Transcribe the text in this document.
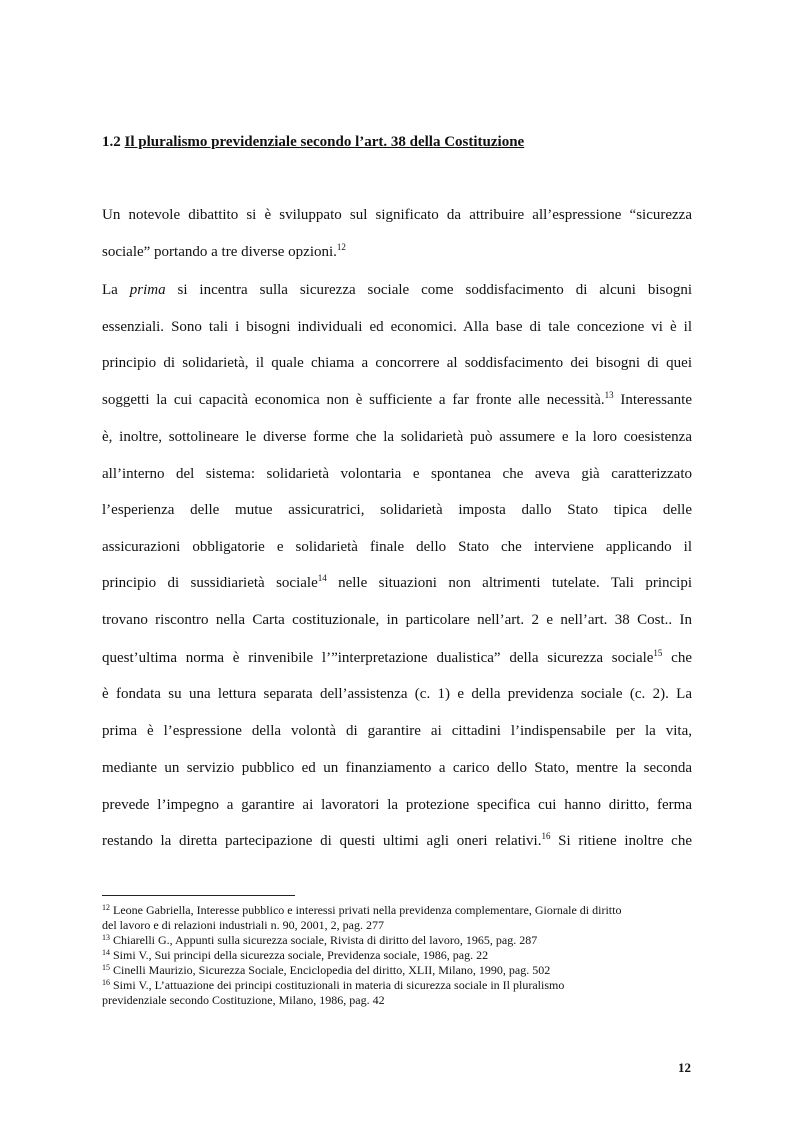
1.2 Il pluralismo previdenziale secondo l’art. 38 della Costituzione
Un notevole dibattito si è sviluppato sul significato da attribuire all’espressione “sicurezza
sociale” portando a tre diverse opzioni.$^{12}$
La prima si incentra sulla sicurezza sociale come soddisfacimento di alcuni bisogni
essenziali. Sono tali i bisogni individuali ed economici. Alla base di tale concezione vi è il
principio di solidarietà, il quale chiama a concorrere al soddisfacimento dei bisogni di quei
soggetti la cui capacità economica non è sufficiente a far fronte alle necessità.$^{13}$ Interessante
è, inoltre, sottolineare le diverse forme che la solidarietà può assumere e la loro coesistenza
all’interno del sistema: solidarietà volontaria e spontanea che aveva già caratterizzato
l’esperienza delle mutue assicuratrici, solidarietà imposta dallo Stato tipica delle
assicurazioni obbligatorie e solidarietà finale dello Stato che interviene applicando il
principio di sussidiarietà sociale$^{14}$ nelle situazioni non altrimenti tutelate. Tali principi
trovano riscontro nella Carta costituzionale, in particolare nell’art. 2 e nell’art. 38 Cost.. In
quest’ultima norma è rinvenibile l’”interpretazione dualistica” della sicurezza sociale$^{15}$ che
è fondata su una lettura separata dell’assistenza (c. 1) e della previdenza sociale (c. 2). La
prima è l’espressione della volontà di garantire ai cittadini l’indispensabile per la vita,
mediante un servizio pubblico ed un finanziamento a carico dello Stato, mentre la seconda
prevede l’impegno a garantire ai lavoratori la protezione specifica cui hanno diritto, ferma
restando la diretta partecipazione di questi ultimi agli oneri relativi.$^{16}$ Si ritiene inoltre che
$^{12}$ Leone Gabriella, Interesse pubblico e interessi privati nella previdenza complementare, Giornale di diritto
del lavoro e di relazioni industriali n. 90, 2001, 2, pag. 277
$^{13}$ Chiarelli G., Appunti sulla sicurezza sociale, Rivista di diritto del lavoro, 1965, pag. 287
$^{14}$ Simi V., Sui principi della sicurezza sociale, Previdenza sociale, 1986, pag. 22
$^{15}$ Cinelli Maurizio, Sicurezza Sociale, Enciclopedia del diritto, XLII, Milano, 1990, pag. 502
$^{16}$ Simi V., L’attuazione dei principi costituzionali in materia di sicurezza sociale in Il pluralismo
previdenziale secondo Costituzione, Milano, 1986, pag. 42
12
